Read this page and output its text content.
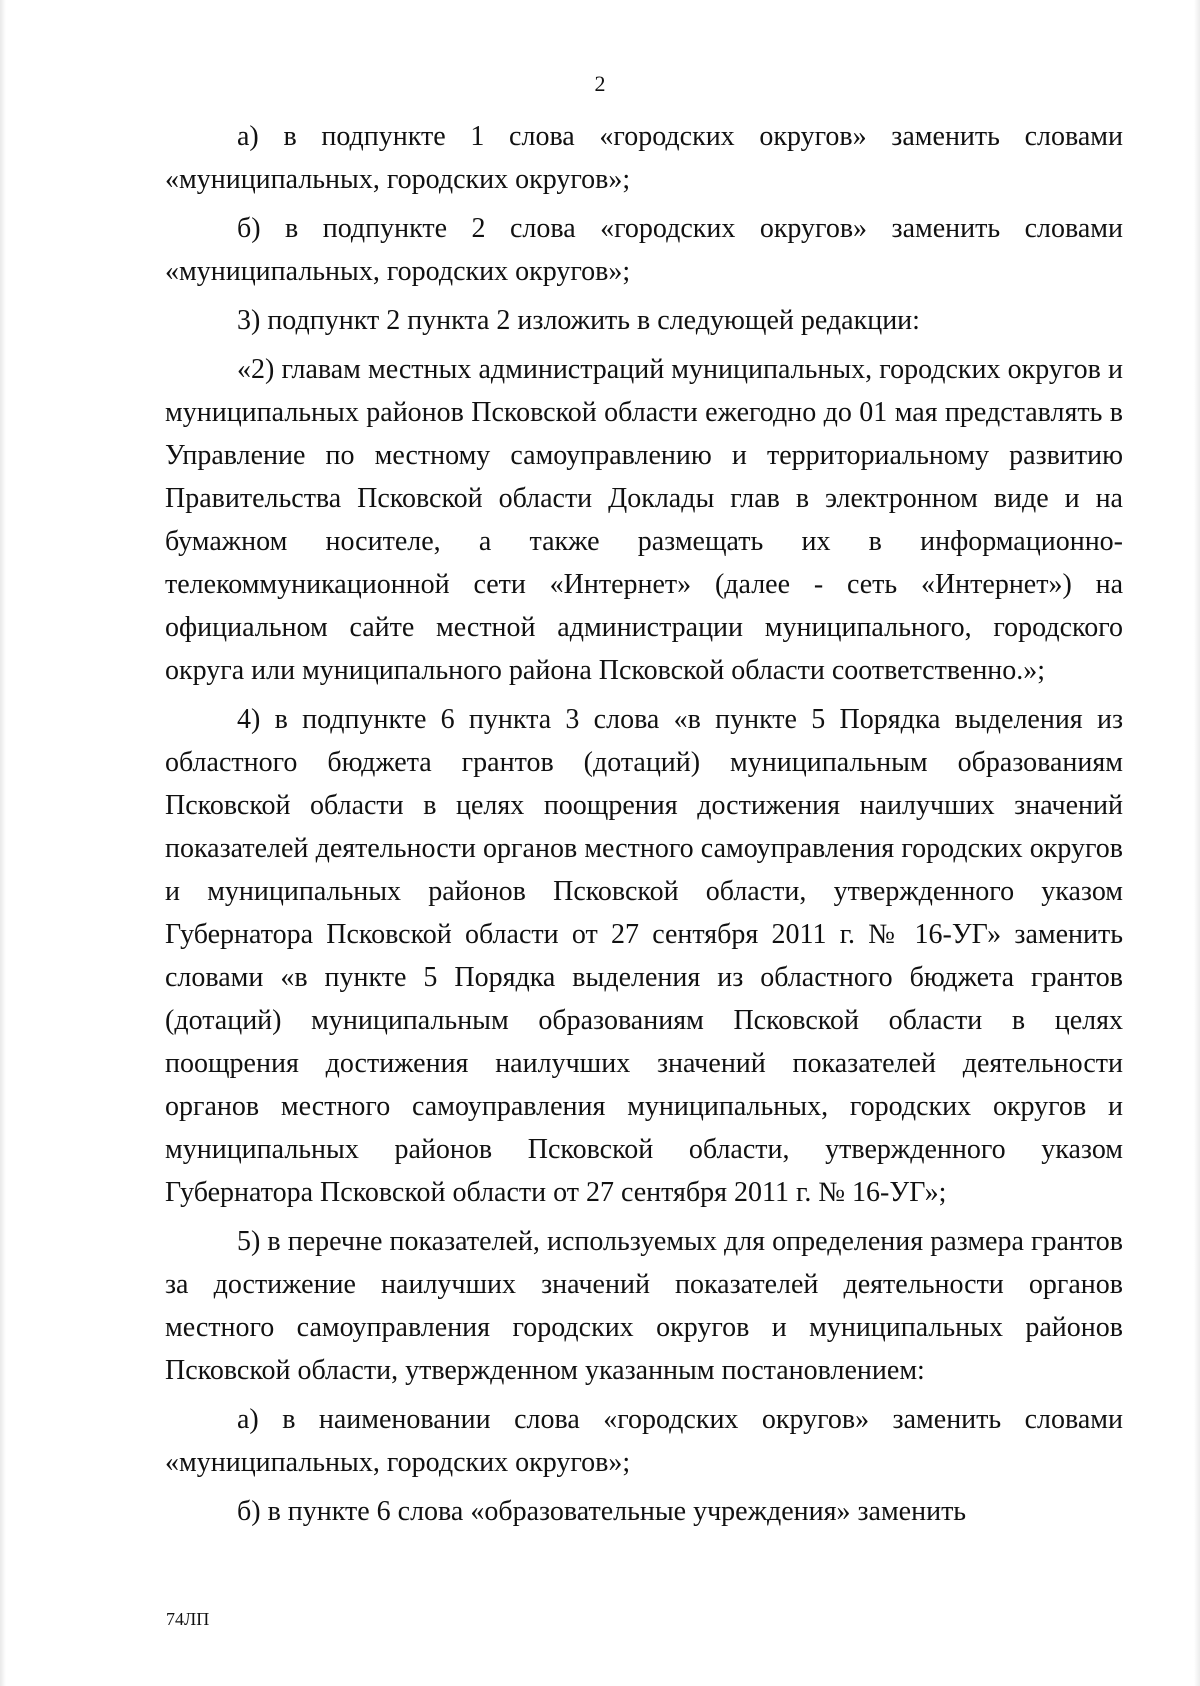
2

а) в подпункте 1 слова «городских округов» заменить словами «муниципальных, городских округов»;

б) в подпункте 2 слова «городских округов» заменить словами «муниципальных, городских округов»;

3) подпункт 2 пункта 2 изложить в следующей редакции:

«2) главам местных администраций муниципальных, городских округов и муниципальных районов Псковской области ежегодно до 01 мая представлять в Управление по местному самоуправлению и территориальному развитию Правительства Псковской области Доклады глав в электронном виде и на бумажном носителе, а также размещать их в информационно-телекоммуникационной сети «Интернет» (далее - сеть «Интернет») на официальном сайте местной администрации муниципального, городского округа или муниципального района Псковской области соответственно.»;

4) в подпункте 6 пункта 3 слова «в пункте 5 Порядка выделения из областного бюджета грантов (дотаций) муниципальным образованиям Псковской области в целях поощрения достижения наилучших значений показателей деятельности органов местного самоуправления городских округов и муниципальных районов Псковской области, утвержденного указом Губернатора Псковской области от 27 сентября 2011 г. № 16-УГ» заменить словами «в пункте 5 Порядка выделения из областного бюджета грантов (дотаций) муниципальным образованиям Псковской области в целях поощрения достижения наилучших значений показателей деятельности органов местного самоуправления муниципальных, городских округов и муниципальных районов Псковской области, утвержденного указом Губернатора Псковской области от 27 сентября 2011 г. № 16-УГ»;

5) в перечне показателей, используемых для определения размера грантов за достижение наилучших значений показателей деятельности органов местного самоуправления городских округов и муниципальных районов Псковской области, утвержденном указанным постановлением:

а) в наименовании слова «городских округов» заменить словами «муниципальных, городских округов»;

б) в пункте 6 слова «образовательные учреждения» заменить

74ЛП
